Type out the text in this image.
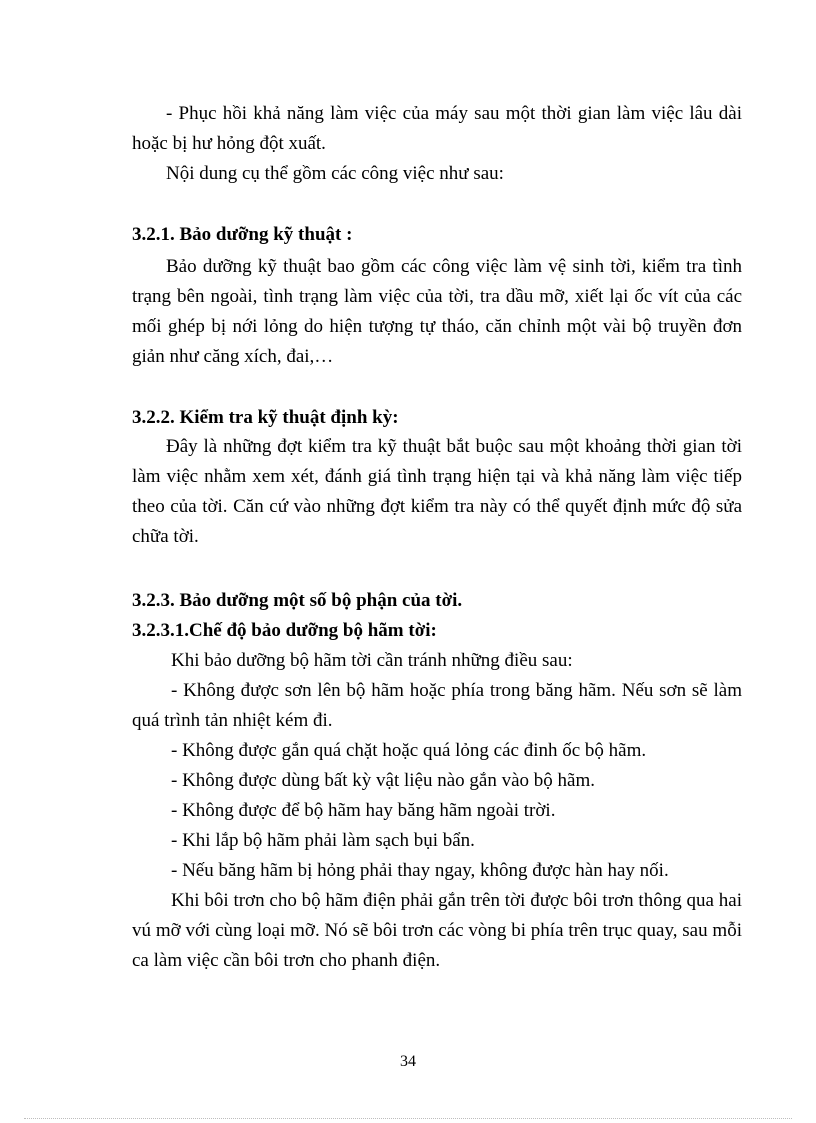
- Phục hồi khả năng làm việc của máy sau một thời gian làm việc lâu dài

hoặc bị hư hỏng đột xuất.

Nội dung cụ thể gồm các công việc như sau:

3.2.1. Bảo dưỡng kỹ thuật :

Bảo dưỡng kỹ thuật bao gồm các công việc làm vệ sinh tời, kiểm tra tình

trạng bên ngoài, tình trạng làm việc của tời, tra dầu mỡ, xiết lại ốc vít của các

mối ghép bị nới lỏng do hiện tượng tự tháo, căn chỉnh một vài bộ truyền đơn

giản như căng xích, đai,…

3.2.2. Kiểm tra kỹ thuật định kỳ:

Đây là những đợt kiểm tra kỹ thuật bắt buộc sau một khoảng thời gian tời

làm việc nhằm xem xét, đánh giá tình trạng hiện tại và khả năng làm việc tiếp

theo của tời. Căn cứ vào những đợt kiểm tra này có thể quyết định mức độ sửa

chữa tời.

3.2.3. Bảo dưỡng một số bộ phận của tời.
3.2.3.1.Chế độ bảo dưỡng bộ hãm tời:

Khi bảo dưỡng bộ hãm tời cần tránh những điều sau:

- Không được sơn lên bộ hãm hoặc phía trong băng hãm. Nếu sơn sẽ làm

quá trình tản nhiệt kém đi.

- Không được gắn quá chặt hoặc quá lỏng các đinh ốc bộ hãm.

- Không được dùng bất kỳ vật liệu nào gắn vào bộ hãm.

- Không được để bộ hãm hay băng hãm ngoài trời.

- Khi lắp bộ hãm phải làm sạch bụi bẩn.

- Nếu băng hãm bị hỏng phải thay ngay, không được hàn hay nối.

Khi bôi trơn cho bộ hãm điện phải gắn trên tời được bôi trơn thông qua hai

vú mỡ với cùng loại mỡ. Nó sẽ bôi trơn các vòng bi phía trên trục quay, sau mỗi

ca làm việc cần bôi trơn cho phanh điện.

34
